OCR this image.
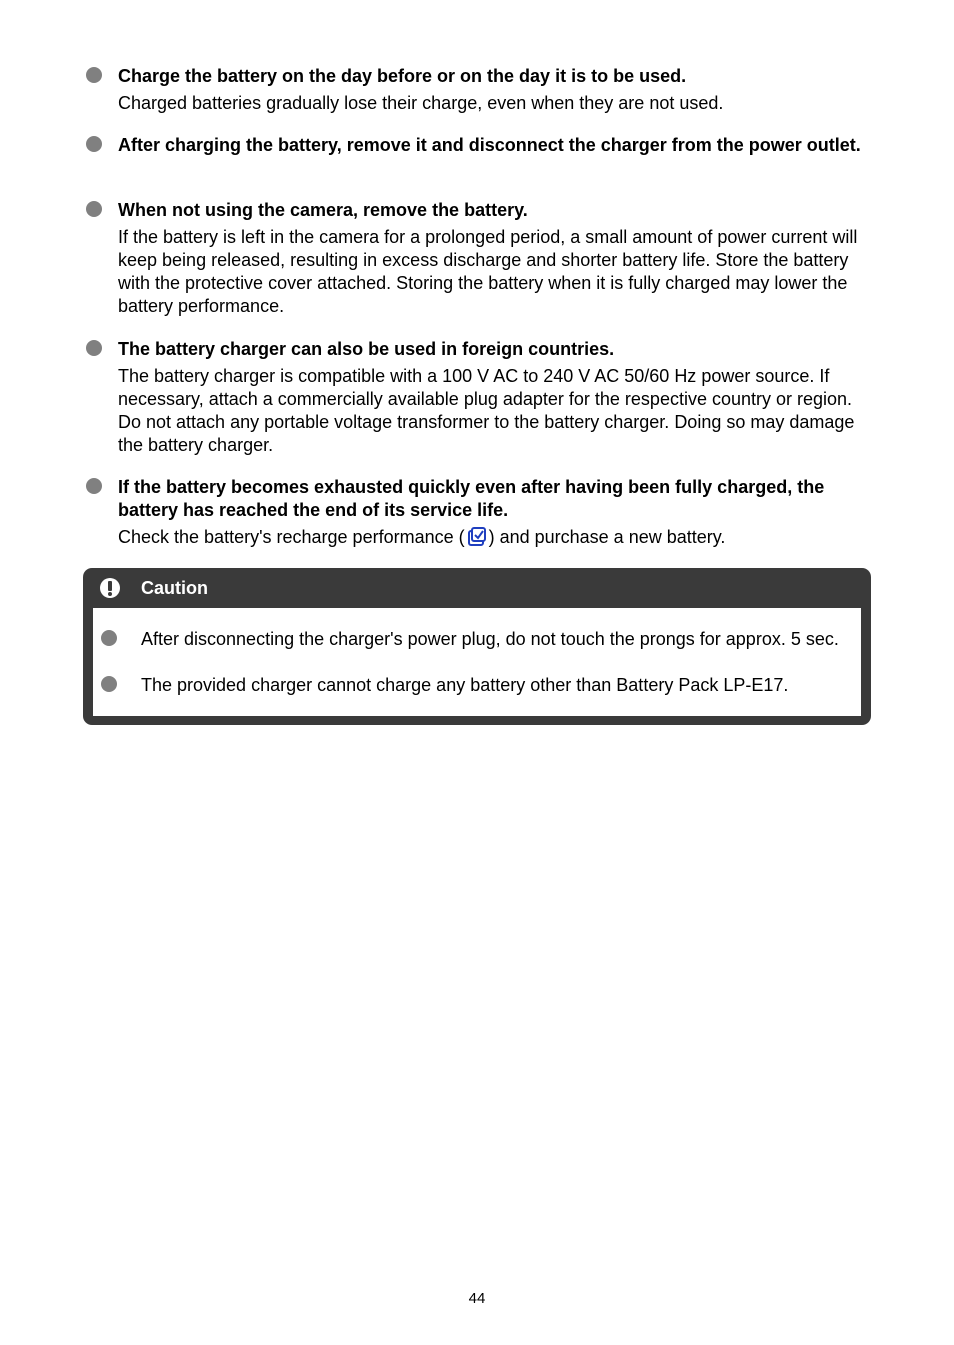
Charge the battery on the day before or on the day it is to be used.
Charged batteries gradually lose their charge, even when they are not used.
After charging the battery, remove it and disconnect the charger from the power outlet.
When not using the camera, remove the battery.
If the battery is left in the camera for a prolonged period, a small amount of power current will keep being released, resulting in excess discharge and shorter battery life. Store the battery with the protective cover attached. Storing the battery when it is fully charged may lower the battery performance.
The battery charger can also be used in foreign countries.
The battery charger is compatible with a 100 V AC to 240 V AC 50/60 Hz power source. If necessary, attach a commercially available plug adapter for the respective country or region. Do not attach any portable voltage transformer to the battery charger. Doing so may damage the battery charger.
If the battery becomes exhausted quickly even after having been fully charged, the battery has reached the end of its service life.
Check the battery's recharge performance ( ) and purchase a new battery.
Caution
After disconnecting the charger's power plug, do not touch the prongs for approx. 5 sec.
The provided charger cannot charge any battery other than Battery Pack LP-E17.
44
